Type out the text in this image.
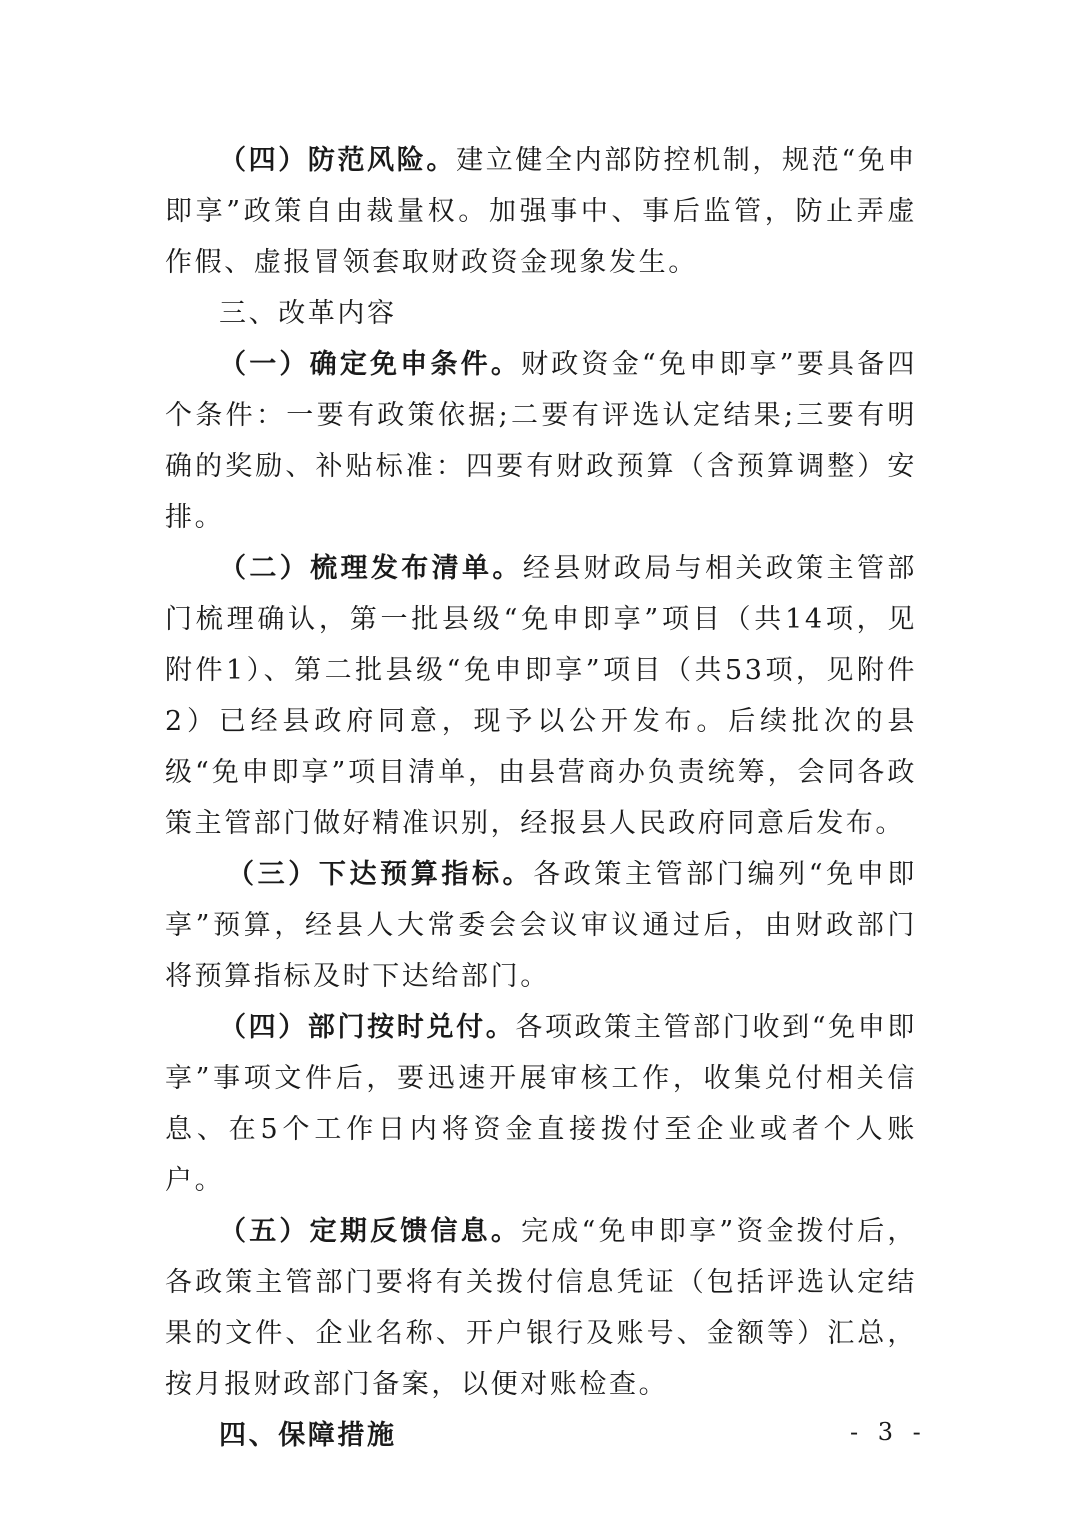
（四）防范风险。建立健全内部防控机制，规范“免申即享”政策自由裁量权。加强事中、事后监管，防止弄虚作假、虚报冒领套取财政资金现象发生。

三、改革内容

（一）确定免申条件。财政资金“免申即享”要具备四个条件：一要有政策依据;二要有评选认定结果;三要有明确的奖励、补贴标准：四要有财政预算（含预算调整）安排。

（二）梳理发布清单。经县财政局与相关政策主管部门梳理确认，第一批县级“免申即享”项目（共14项，见附件1）、第二批县级“免申即享”项目（共53项，见附件2）已经县政府同意，现予以公开发布。后续批次的县级“免申即享”项目清单，由县营商办负责统筹，会同各政策主管部门做好精准识别，经报县人民政府同意后发布。

（三）下达预算指标。各政策主管部门编列“免申即享”预算，经县人大常委会会议审议通过后，由财政部门将预算指标及时下达给部门。

（四）部门按时兑付。各项政策主管部门收到“免申即享”事项文件后，要迅速开展审核工作，收集兑付相关信息、在5个工作日内将资金直接拨付至企业或者个人账户。

（五）定期反馈信息。完成“免申即享”资金拨付后，各政策主管部门要将有关拨付信息凭证（包括评选认定结果的文件、企业名称、开户银行及账号、金额等）汇总，按月报财政部门备案，以便对账检查。

四、保障措施	- 3 -
